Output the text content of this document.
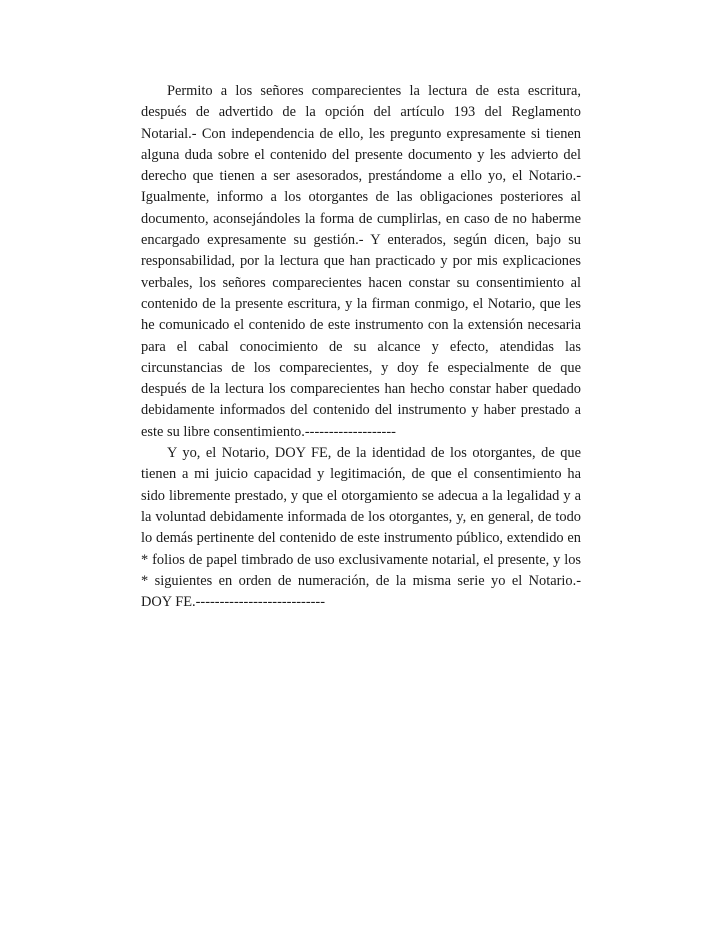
Permito a los señores comparecientes la lectura de esta escritura,
después de advertido de la opción del artículo 193 del Reglamento
Notarial.- Con independencia de ello, les pregunto expresamente si tienen
alguna duda sobre el contenido del presente documento y les advierto del
derecho que tienen a ser asesorados, prestándome a ello yo, el Notario.-
Igualmente, informo a los otorgantes de las obligaciones posteriores al
documento, aconsejándoles la forma de cumplirlas, en caso de no haberme
encargado expresamente su gestión.- Y enterados, según dicen, bajo su
responsabilidad, por la lectura que han practicado y por mis explicaciones
verbales, los señores comparecientes hacen constar su consentimiento al
contenido de la presente escritura, y la firman conmigo, el Notario, que les
he comunicado el contenido de este instrumento con la extensión necesaria
para el cabal conocimiento de su alcance y efecto, atendidas las
circunstancias de los comparecientes, y doy fe especialmente de que
después de la lectura los comparecientes han hecho constar haber quedado
debidamente informados del contenido del instrumento y haber prestado a
este su libre consentimiento.-------------------
Y yo, el Notario, DOY FE, de la identidad de los otorgantes, de que
tienen a mi juicio capacidad y legitimación, de que el consentimiento ha
sido libremente prestado, y que el otorgamiento se adecua a la legalidad y a
la voluntad debidamente informada de los otorgantes, y, en general, de todo
lo demás pertinente del contenido de este instrumento público, extendido en
* folios de papel timbrado de uso exclusivamente notarial, el presente, y los
* siguientes en orden de numeración, de la misma serie yo el Notario.-
DOY FE.---------------------------
